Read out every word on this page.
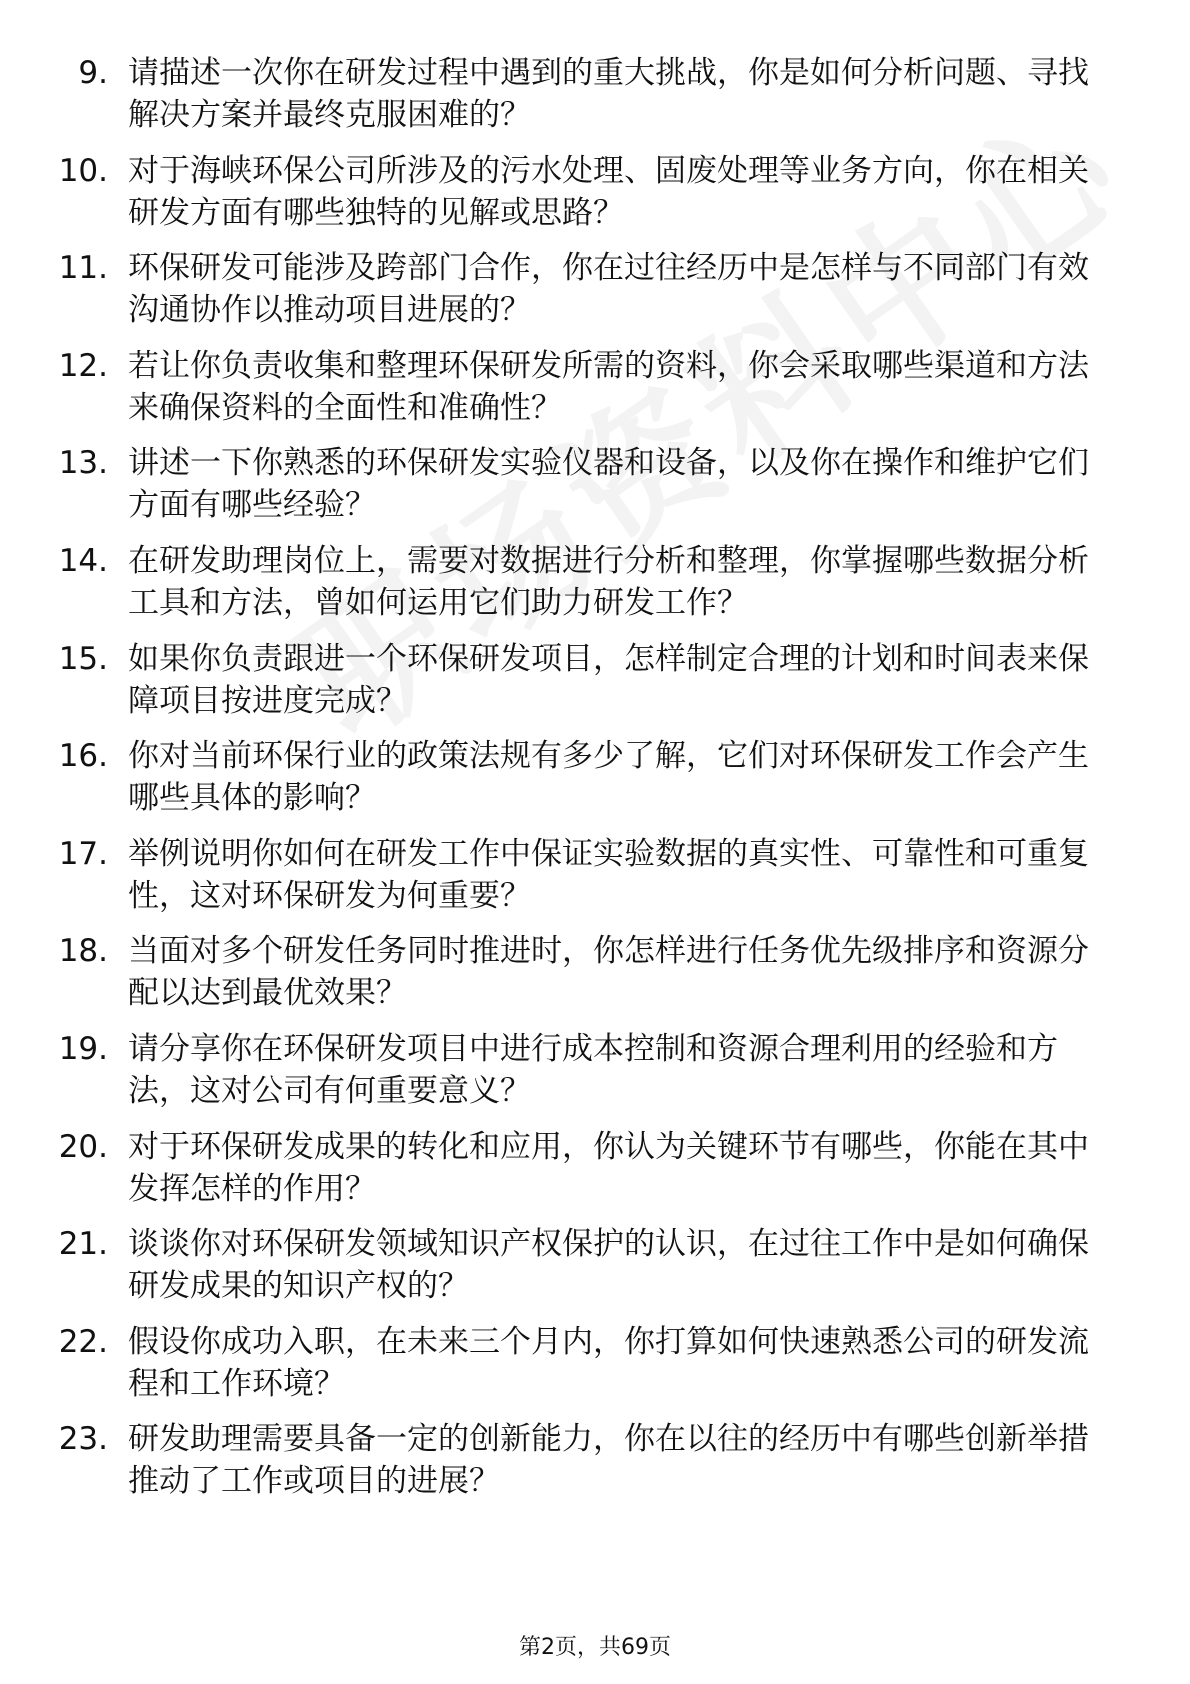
9. 请描述一次你在研发过程中遇到的重大挑战，你是如何分析问题、寻找解决方案并最终克服困难的？
10. 对于海峡环保公司所涉及的污水处理、固废处理等业务方向，你在相关研发方面有哪些独特的见解或思路？
11. 环保研发可能涉及跨部门合作，你在过往经历中是怎样与不同部门有效沟通协作以推动项目进展的？
12. 若让你负责收集和整理环保研发所需的资料，你会采取哪些渠道和方法来确保资料的全面性和准确性？
13. 讲述一下你熟悉的环保研发实验仪器和设备，以及你在操作和维护它们方面有哪些经验？
14. 在研发助理岗位上，需要对数据进行分析和整理，你掌握哪些数据分析工具和方法，曾如何运用它们助力研发工作？
15. 如果你负责跟进一个环保研发项目，怎样制定合理的计划和时间表来保障项目按进度完成？
16. 你对当前环保行业的政策法规有多少了解，它们对环保研发工作会产生哪些具体的影响？
17. 举例说明你如何在研发工作中保证实验数据的真实性、可靠性和可重复性，这对环保研发为何重要？
18. 当面对多个研发任务同时推进时，你怎样进行任务优先级排序和资源分配以达到最优效果？
19. 请分享你在环保研发项目中进行成本控制和资源合理利用的经验和方法，这对公司有何重要意义？
20. 对于环保研发成果的转化和应用，你认为关键环节有哪些，你能在其中发挥怎样的作用？
21. 谈谈你对环保研发领域知识产权保护的认识，在过往工作中是如何确保研发成果的知识产权的？
22. 假设你成功入职，在未来三个月内，你打算如何快速熟悉公司的研发流程和工作环境？
23. 研发助理需要具备一定的创新能力，你在以往的经历中有哪些创新举措推动了工作或项目的进展？
第2页，共69页
